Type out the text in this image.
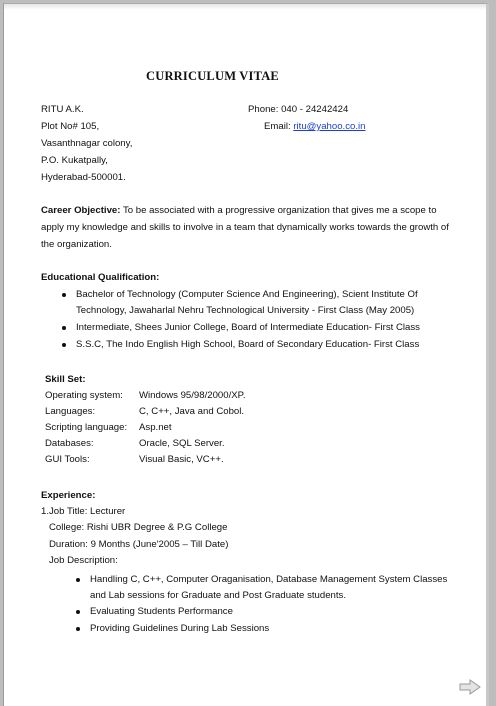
CURRICULUM VITAE
RITU A.K.
Plot No# 105,
Vasanthnagar colony,
P.O. Kukatpally,
Hyderabad-500001.
Phone: 040 - 24242424
Email: ritu@yahoo.co.in
Career Objective: To be associated with a progressive organization that gives me a scope to
apply my knowledge and skills to involve in a team that dynamically works towards the growth of
the organization.
Educational Qualification:
Bachelor of Technology (Computer Science And Engineering), Scient Institute Of
Technology, Jawaharlal Nehru Technological University - First Class (May 2005)
Intermediate, Shees Junior College, Board of Intermediate Education- First Class
S.S.C, The Indo English High School, Board of Secondary Education- First Class
Skill Set:
Operating system: Windows 95/98/2000/XP.
Languages:	C, C++, Java and Cobol.
Scripting language: Asp.net
Databases:	Oracle, SQL Server.
GUI Tools:	Visual Basic, VC++.
Experience:
1.Job Title: Lecturer
College: Rishi UBR Degree & P.G College
Duration: 9 Months (June'2005 – Till Date)
Job Description:
Handling C, C++, Computer Oraganisation, Database Management System Classes
and Lab sessions for Graduate and Post Graduate students.
Evaluating Students Performance
Providing Guidelines During Lab Sessions
